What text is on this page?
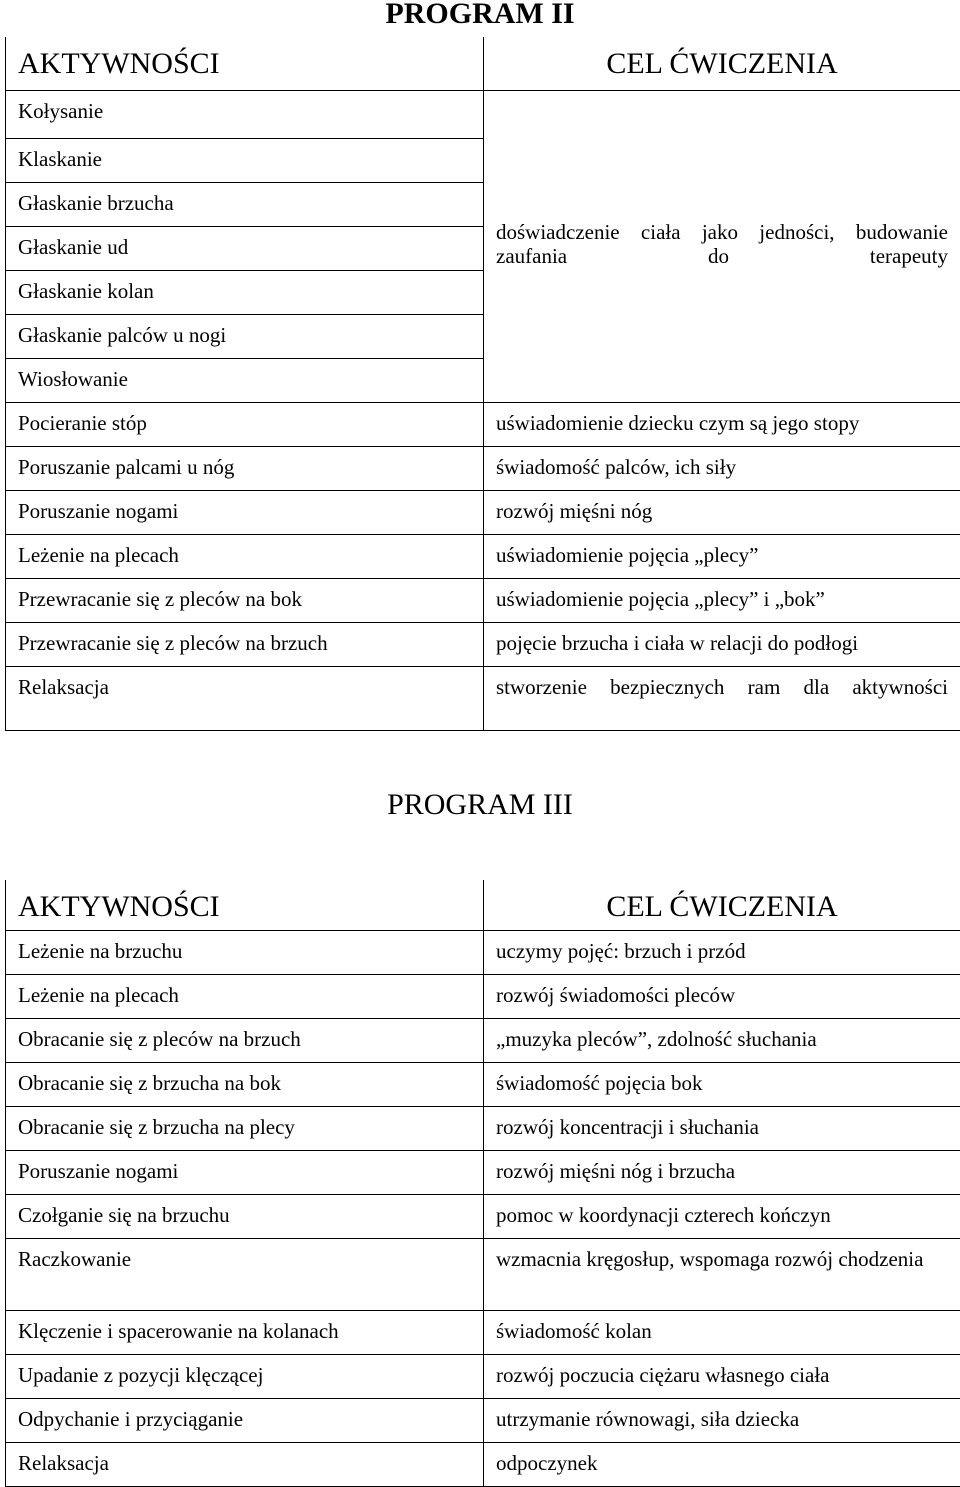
PROGRAM II
AKTYWNOŚCI	CEL ĆWICZENIA
Kołysanie	doświadczenie ciała jako jedności, budowanie zaufania do terapeuty

Klaskanie	
Głaskanie brzucha	
Głaskanie ud	
Głaskanie kolan	
Głaskanie palców u nogi	
Wiosłowanie	
Pocieranie stóp	uświadomienie dziecku czym są jego stopy
Poruszanie palcami u nóg	świadomość palców, ich siły
Poruszanie nogami	rozwój mięśni nóg
Leżenie na plecach	uświadomienie pojęcia „plecy”
Przewracanie się z pleców na bok	uświadomienie pojęcia „plecy” i „bok”
Przewracanie się z pleców na brzuch	pojęcie brzucha i ciała w relacji do podłogi
Relaksacja	stworzenie bezpiecznych ram dla aktywności
PROGRAM III
AKTYWNOŚCI	CEL ĆWICZENIA
Leżenie na brzuchu	uczymy pojęć: brzuch i przód
Leżenie na plecach	rozwój świadomości pleców
Obracanie się z pleców na brzuch	„muzyka pleców”, zdolność słuchania
Obracanie się z brzucha na bok	świadomość pojęcia bok
Obracanie się z brzucha na plecy	rozwój koncentracji i słuchania
Poruszanie nogami	rozwój mięśni nóg i brzucha
Czołganie się na brzuchu	pomoc w koordynacji czterech kończyn
Raczkowanie	wzmacnia kręgosłup, wspomaga rozwój chodzenia

Klęczenie i spacerowanie na kolanach	świadomość kolan
Upadanie z pozycji klęczącej	rozwój poczucia ciężaru własnego ciała
Odpychanie i przyciąganie	utrzymanie równowagi, siła dziecka
Relaksacja	odpoczynek
